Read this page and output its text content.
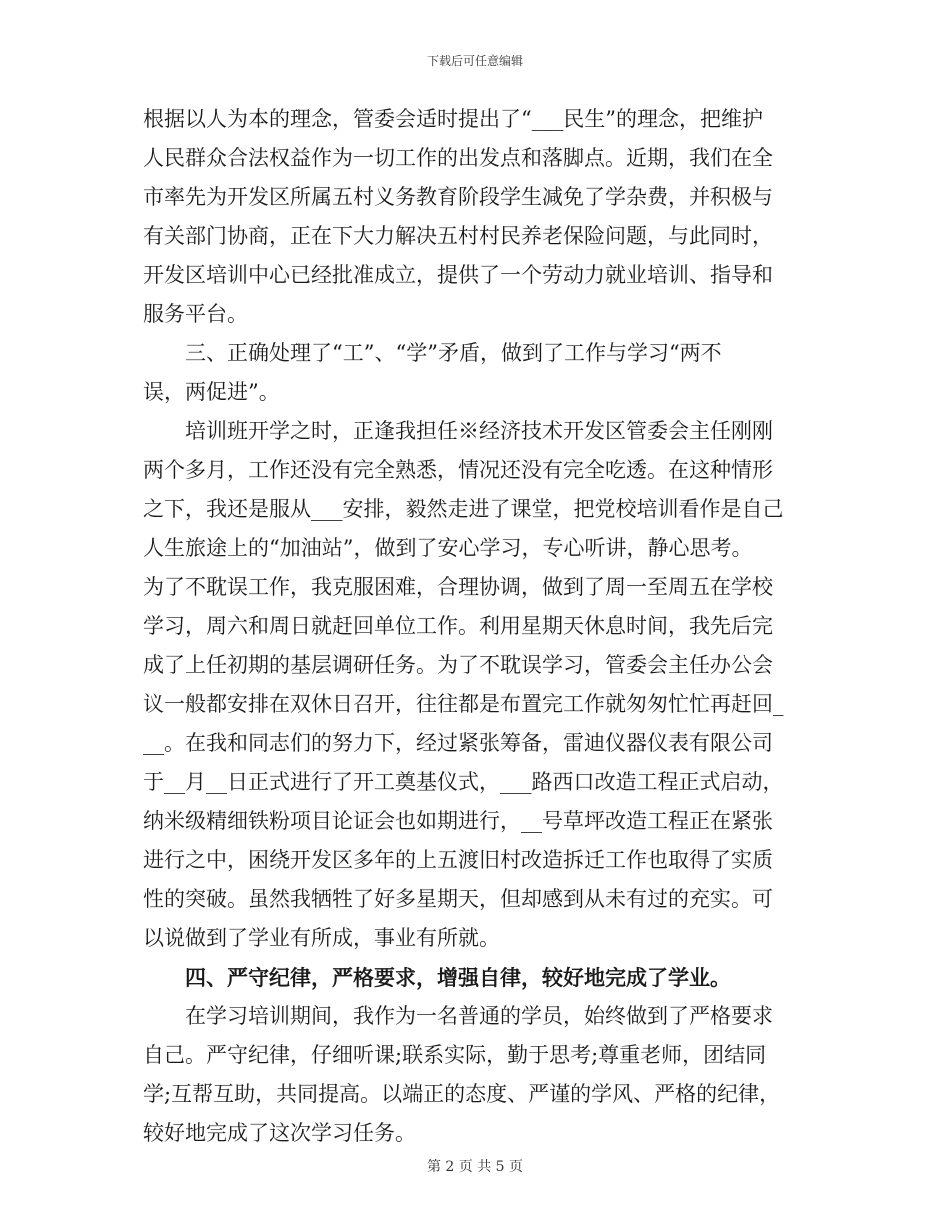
下载后可任意编辑
根据以人为本的理念，管委会适时提出了“___民生”的理念，把维护
人民群众合法权益作为一切工作的出发点和落脚点。近期，我们在全
市率先为开发区所属五村义务教育阶段学生减免了学杂费，并积极与
有关部门协商，正在下大力解决五村村民养老保险问题，与此同时，
开发区培训中心已经批准成立，提供了一个劳动力就业培训、指导和
服务平台。
三、正确处理了“工”、“学”矛盾，做到了工作与学习“两不
误，两促进”。
培训班开学之时，正逢我担任※经济技术开发区管委会主任刚刚
两个多月，工作还没有完全熟悉，情况还没有完全吃透。在这种情形
之下，我还是服从___安排，毅然走进了课堂，把党校培训看作是自己
人生旅途上的“加油站”，做到了安心学习，专心听讲，静心思考。
为了不耽误工作，我克服困难，合理协调，做到了周一至周五在学校
学习，周六和周日就赶回单位工作。利用星期天休息时间，我先后完
成了上任初期的基层调研任务。为了不耽误学习，管委会主任办公会
议一般都安排在双休日召开，往往都是布置完工作就匆匆忙忙再赶回_
__。在我和同志们的努力下，经过紧张筹备，雷迪仪器仪表有限公司
于__月__日正式进行了开工奠基仪式，___路西口改造工程正式启动，
纳米级精细铁粉项目论证会也如期进行，__号草坪改造工程正在紧张
进行之中，困绕开发区多年的上五渡旧村改造拆迁工作也取得了实质
性的突破。虽然我牺牲了好多星期天，但却感到从未有过的充实。可
以说做到了学业有所成，事业有所就。
四、严守纪律，严格要求，增强自律，较好地完成了学业。
在学习培训期间，我作为一名普通的学员，始终做到了严格要求
自己。严守纪律，仔细听课;联系实际，勤于思考;尊重老师，团结同
学;互帮互助，共同提高。以端正的态度、严谨的学风、严格的纪律，
较好地完成了这次学习任务。
第 2 页 共 5 页
